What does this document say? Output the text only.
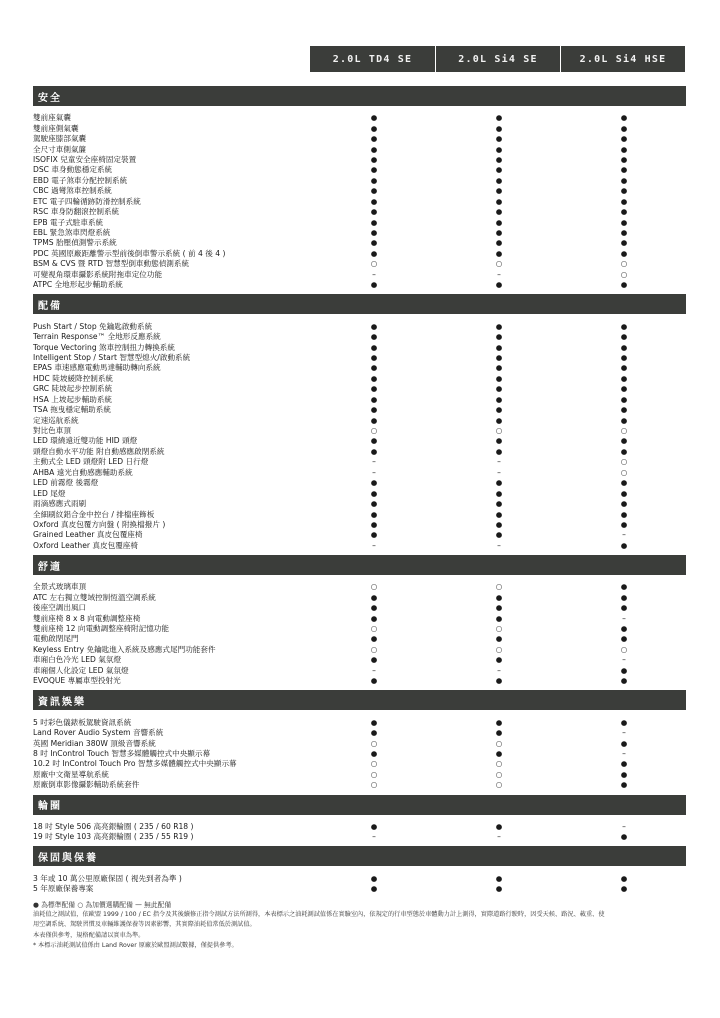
2.0L TD4 SE	2.0L Si4 SE	2.0L Si4 HSE
安全
雙前座氣囊	●	●	●
雙前座側氣囊	●	●	●
駕駛座膝部氣囊	●	●	●
全尺寸車側氣簾	●	●	●
ISOFIX 兒童安全座椅固定裝置	●	●	●
DSC 車身動態穩定系統	●	●	●
EBD 電子煞車分配控制系統	●	●	●
CBC 過彎煞車控制系統	●	●	●
ETC 電子四輪循跡防滑控制系統	●	●	●
RSC 車身防翻滾控制系統	●	●	●
EPB 電子式駐車系統	●	●	●
EBL 緊急煞車閃燈系統	●	●	●
TPMS 胎壓偵測警示系統	●	●	●
PDC 英國原廠距離警示型前後倒車警示系統 ( 前 4 後 4 )	●	●	●
BSM & CVS 暨 RTD 智慧型倒車動態偵測系統	○	○	○
可變視角環車攝影系統附拖車定位功能	–	–	○
ATPC 全地形起步輔助系統	●	●	●
配備
Push Start / Stop 免鑰匙啟動系統	●	●	●
Terrain Response™ 全地形反應系統	●	●	●
Torque Vectoring 煞車控制扭力轉換系統	●	●	●
Intelligent Stop / Start 智慧型熄火/啟動系統	●	●	●
EPAS 車速感應電動馬達輔助轉向系統	●	●	●
HDC 陡坡緩降控制系統	●	●	●
GRC 陡坡起步控制系統	●	●	●
HSA 上坡起步輔助系統	●	●	●
TSA 拖曳穩定輔助系統	●	●	●
定速巡航系統	●	●	●
對比色車頂	○	○	○
LED 環繞遠近雙功能 HID 頭燈	●	●	●
頭燈自動水平功能 附自動感應啟閉系統	●	●	●
主動式全 LED 頭燈附 LED 日行燈	–	–	○
AHBA 遠光自動感應輔助系統	–	–	○
LED 前霧燈 後霧燈	●	●	●
LED 尾燈	●	●	●
雨滴感應式雨刷	●	●	●
全細刷紋鋁合金中控台 / 排檔座飾板	●	●	●
Oxford 真皮包覆方向盤 ( 附換檔撥片 )	●	●	●
Grained Leather 真皮包覆座椅	●	●	–
Oxford Leather 真皮包覆座椅	–	–	●
舒適
全景式玻璃車頂	○	○	●
ATC 左右獨立雙域控制恆溫空調系統	●	●	●
後座空調出風口	●	●	●
雙前座椅 8 x 8 向電動調整座椅	●	●	–
雙前座椅 12 向電動調整座椅附記憶功能	○	○	●
電動啟閉尾門	●	●	●
Keyless Entry 免鑰匙進入系統及感應式尾門功能套件	○	○	○
車廂白色冷光 LED 氣氛燈	●	●	–
車廂個人化設定 LED 氣氛燈	–	–	●
EVOQUE 專屬車型投射光	●	●	●
資訊娛樂
5 吋彩色儀錶板駕駛資訊系統	●	●	●
Land Rover Audio System 音響系統	●	●	–
英國 Meridian 380W 頂級音響系統	○	○	●
8 吋 InControl Touch 智慧多媒體觸控式中央顯示幕	●	●	–
10.2 吋 InControl Touch Pro 智慧多媒體觸控式中央顯示幕	○	○	●
原廠中文衛星導航系統	○	○	●
原廠倒車影像攝影輔助系統套件	○	○	●
輪圈
18 吋 Style 506 高亮銀輪圈 ( 235 / 60 R18 )	●	●	–
19 吋 Style 103 高亮銀輪圈 ( 235 / 55 R19 )	–	–	●
保固與保養
3 年或 10 萬公里原廠保固 ( 視先到者為準 )	●	●	●
5 年原廠保養專案	●	●	●
● 為標準配備 ○ 為加價選購配備 — 無此配備
油耗值之測試值，依歐盟 1999 / 100 / EC 指令及其後續修正指令測試方法所測得，本表標示之油耗測試值係在實驗室內，依規定的行車型態於車體動力計上測得，實際道路行駛時，因受天候、路況、載重、使
用空調系統、駕駛習慣及車輛維護保養等因素影響，其實際油耗值常低於測試值。
本表僅供參考，規格配備請以實車為準。
* 本標示油耗測試值係由 Land Rover 原廠於歐盟測試數據，僅提供參考。
